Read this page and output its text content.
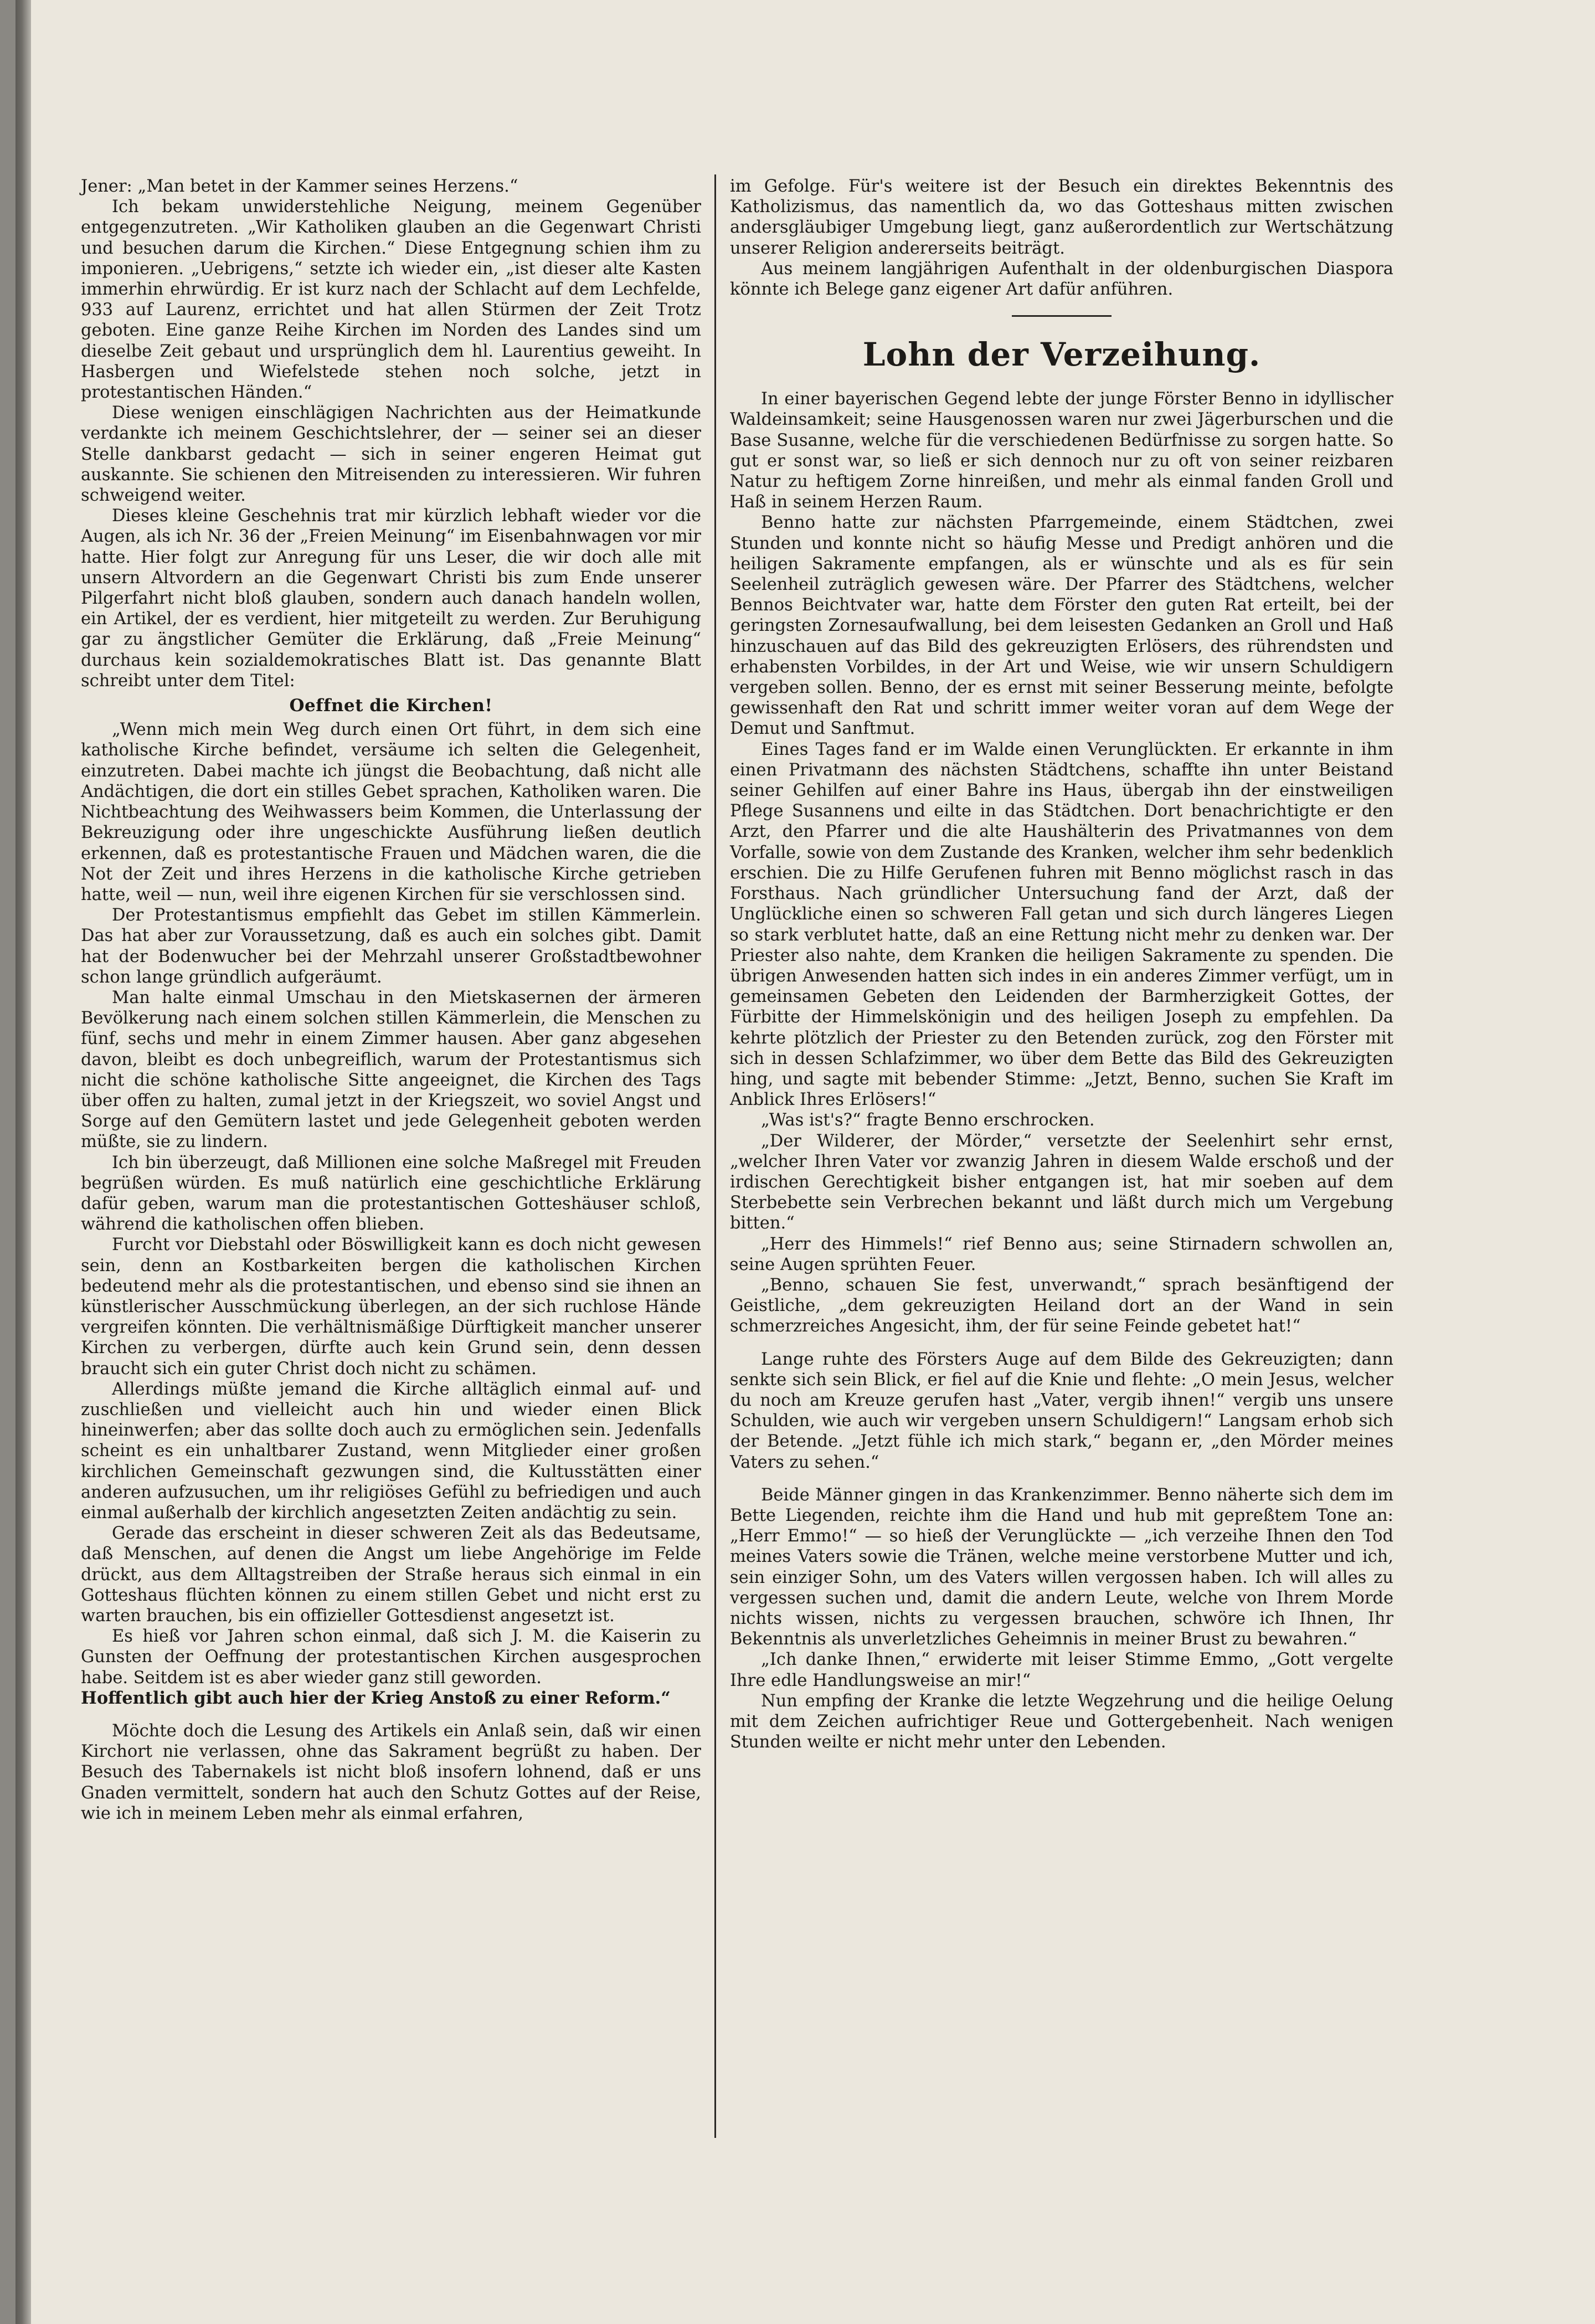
Jener: „Man betet in der Kammer seines Herzens.“

Ich bekam unwiderstehliche Neigung, meinem Gegenüber entgegenzutreten. „Wir Katholiken glauben an die Gegenwart Christi und besuchen darum die Kirchen.“ Diese Entgegnung schien ihm zu imponieren. „Uebrigens,“ setzte ich wieder ein, „ist dieser alte Kasten immerhin ehrwürdig. Er ist kurz nach der Schlacht auf dem Lechfelde, 933 auf Laurenz, errichtet und hat allen Stürmen der Zeit Trotz geboten. Eine ganze Reihe Kirchen im Norden des Landes sind um dieselbe Zeit gebaut und ursprünglich dem hl. Laurentius geweiht. In Hasbergen und Wiefelstede stehen noch solche, jetzt in protestantischen Händen.“

Diese wenigen einschlägigen Nachrichten aus der Heimatkunde verdankte ich meinem Geschichtslehrer, der — seiner sei an dieser Stelle dankbarst gedacht — sich in seiner engeren Heimat gut auskannte. Sie schienen den Mitreisenden zu interessieren. Wir fuhren schweigend weiter.

Dieses kleine Geschehnis trat mir kürzlich lebhaft wieder vor die Augen, als ich Nr. 36 der „Freien Meinung“ im Eisenbahnwagen vor mir hatte. Hier folgt zur Anregung für uns Leser, die wir doch alle mit unsern Altvordern an die Gegenwart Christi bis zum Ende unserer Pilgerfahrt nicht bloß glauben, sondern auch danach handeln wollen, ein Artikel, der es verdient, hier mitgeteilt zu werden. Zur Beruhigung gar zu ängstlicher Gemüter die Erklärung, daß „Freie Meinung“ durchaus kein sozialdemokratisches Blatt ist. Das genannte Blatt schreibt unter dem Titel:

Oeffnet die Kirchen!

„Wenn mich mein Weg durch einen Ort führt, in dem sich eine katholische Kirche befindet, versäume ich selten die Gelegenheit, einzutreten. Dabei machte ich jüngst die Beobachtung, daß nicht alle Andächtigen, die dort ein stilles Gebet sprachen, Katholiken waren. Die Nichtbeachtung des Weihwassers beim Kommen, die Unterlassung der Bekreuzigung oder ihre ungeschickte Ausführung ließen deutlich erkennen, daß es protestantische Frauen und Mädchen waren, die die Not der Zeit und ihres Herzens in die katholische Kirche getrieben hatte, weil — nun, weil ihre eigenen Kirchen für sie verschlossen sind.

Der Protestantismus empfiehlt das Gebet im stillen Kämmerlein. Das hat aber zur Voraussetzung, daß es auch ein solches gibt. Damit hat der Bodenwucher bei der Mehrzahl unserer Großstadtbewohner schon lange gründlich aufgeräumt.

Man halte einmal Umschau in den Mietskasernen der ärmeren Bevölkerung nach einem solchen stillen Kämmerlein, die Menschen zu fünf, sechs und mehr in einem Zimmer hausen. Aber ganz abgesehen davon, bleibt es doch unbegreiflich, warum der Protestantismus sich nicht die schöne katholische Sitte angeeignet, die Kirchen des Tags über offen zu halten, zumal jetzt in der Kriegszeit, wo soviel Angst und Sorge auf den Gemütern lastet und jede Gelegenheit geboten werden müßte, sie zu lindern.

Ich bin überzeugt, daß Millionen eine solche Maßregel mit Freuden begrüßen würden. Es muß natürlich eine geschichtliche Erklärung dafür geben, warum man die protestantischen Gotteshäuser schloß, während die katholischen offen blieben.

Furcht vor Diebstahl oder Böswilligkeit kann es doch nicht gewesen sein, denn an Kostbarkeiten bergen die katholischen Kirchen bedeutend mehr als die protestantischen, und ebenso sind sie ihnen an künstlerischer Ausschmückung überlegen, an der sich ruchlose Hände vergreifen könnten. Die verhältnismäßige Dürftigkeit mancher unserer Kirchen zu verbergen, dürfte auch kein Grund sein, denn dessen braucht sich ein guter Christ doch nicht zu schämen.

Allerdings müßte jemand die Kirche alltäglich einmal auf- und zuschließen und vielleicht auch hin und wieder einen Blick hineinwerfen; aber das sollte doch auch zu ermöglichen sein. Jedenfalls scheint es ein unhaltbarer Zustand, wenn Mitglieder einer großen kirchlichen Gemeinschaft gezwungen sind, die Kultusstätten einer anderen aufzusuchen, um ihr religiöses Gefühl zu befriedigen und auch einmal außerhalb der kirchlich angesetzten Zeiten andächtig zu sein.

Gerade das erscheint in dieser schweren Zeit als das Bedeutsame, daß Menschen, auf denen die Angst um liebe Angehörige im Felde drückt, aus dem Alltagstreiben der Straße heraus sich einmal in ein Gotteshaus flüchten können zu einem stillen Gebet und nicht erst zu warten brauchen, bis ein offizieller Gottesdienst angesetzt ist.

Es hieß vor Jahren schon einmal, daß sich J. M. die Kaiserin zu Gunsten der Oeffnung der protestantischen Kirchen ausgesprochen habe. Seitdem ist es aber wieder ganz still geworden.

Hoffentlich gibt auch hier der Krieg Anstoß zu einer Reform.“

Möchte doch die Lesung des Artikels ein Anlaß sein, daß wir einen Kirchort nie verlassen, ohne das Sakrament begrüßt zu haben. Der Besuch des Tabernakels ist nicht bloß insofern lohnend, daß er uns Gnaden vermittelt, sondern hat auch den Schutz Gottes auf der Reise, wie ich in meinem Leben mehr als einmal erfahren,

im Gefolge. Für's weitere ist der Besuch ein direktes Bekenntnis des Katholizismus, das namentlich da, wo das Gotteshaus mitten zwischen andersgläubiger Umgebung liegt, ganz außerordentlich zur Wertschätzung unserer Religion andererseits beiträgt.

Aus meinem langjährigen Aufenthalt in der oldenburgischen Diaspora könnte ich Belege ganz eigener Art dafür anführen.

Lohn der Verzeihung.

In einer bayerischen Gegend lebte der junge Förster Benno in idyllischer Waldeinsamkeit; seine Hausgenossen waren nur zwei Jägerburschen und die Base Susanne, welche für die verschiedenen Bedürfnisse zu sorgen hatte. So gut er sonst war, so ließ er sich dennoch nur zu oft von seiner reizbaren Natur zu heftigem Zorne hinreißen, und mehr als einmal fanden Groll und Haß in seinem Herzen Raum.

Benno hatte zur nächsten Pfarrgemeinde, einem Städtchen, zwei Stunden und konnte nicht so häufig Messe und Predigt anhören und die heiligen Sakramente empfangen, als er wünschte und als es für sein Seelenheil zuträglich gewesen wäre. Der Pfarrer des Städtchens, welcher Bennos Beichtvater war, hatte dem Förster den guten Rat erteilt, bei der geringsten Zornesaufwallung, bei dem leisesten Gedanken an Groll und Haß hinzuschauen auf das Bild des gekreuzigten Erlösers, des rührendsten und erhabensten Vorbildes, in der Art und Weise, wie wir unsern Schuldigern vergeben sollen. Benno, der es ernst mit seiner Besserung meinte, befolgte gewissenhaft den Rat und schritt immer weiter voran auf dem Wege der Demut und Sanftmut.

Eines Tages fand er im Walde einen Verunglückten. Er erkannte in ihm einen Privatmann des nächsten Städtchens, schaffte ihn unter Beistand seiner Gehilfen auf einer Bahre ins Haus, übergab ihn der einstweiligen Pflege Susannens und eilte in das Städtchen. Dort benachrichtigte er den Arzt, den Pfarrer und die alte Haushälterin des Privatmannes von dem Vorfalle, sowie von dem Zustande des Kranken, welcher ihm sehr bedenklich erschien. Die zu Hilfe Gerufenen fuhren mit Benno möglichst rasch in das Forsthaus. Nach gründlicher Untersuchung fand der Arzt, daß der Unglückliche einen so schweren Fall getan und sich durch längeres Liegen so stark verblutet hatte, daß an eine Rettung nicht mehr zu denken war. Der Priester also nahte, dem Kranken die heiligen Sakramente zu spenden. Die übrigen Anwesenden hatten sich indes in ein anderes Zimmer verfügt, um in gemeinsamen Gebeten den Leidenden der Barmherzigkeit Gottes, der Fürbitte der Himmelskönigin und des heiligen Joseph zu empfehlen. Da kehrte plötzlich der Priester zu den Betenden zurück, zog den Förster mit sich in dessen Schlafzimmer, wo über dem Bette das Bild des Gekreuzigten hing, und sagte mit bebender Stimme: „Jetzt, Benno, suchen Sie Kraft im Anblick Ihres Erlösers!“

„Was ist's?“ fragte Benno erschrocken.

„Der Wilderer, der Mörder,“ versetzte der Seelenhirt sehr ernst, „welcher Ihren Vater vor zwanzig Jahren in diesem Walde erschoß und der irdischen Gerechtigkeit bisher entgangen ist, hat mir soeben auf dem Sterbebette sein Verbrechen bekannt und läßt durch mich um Vergebung bitten.“

„Herr des Himmels!“ rief Benno aus; seine Stirnadern schwollen an, seine Augen sprühten Feuer.

„Benno, schauen Sie fest, unverwandt,“ sprach besänftigend der Geistliche, „dem gekreuzigten Heiland dort an der Wand in sein schmerzreiches Angesicht, ihm, der für seine Feinde gebetet hat!“

Lange ruhte des Försters Auge auf dem Bilde des Gekreuzigten; dann senkte sich sein Blick, er fiel auf die Knie und flehte: „O mein Jesus, welcher du noch am Kreuze gerufen hast „Vater, vergib ihnen!“ vergib uns unsere Schulden, wie auch wir vergeben unsern Schuldigern!“ Langsam erhob sich der Betende. „Jetzt fühle ich mich stark,“ begann er, „den Mörder meines Vaters zu sehen.“

Beide Männer gingen in das Krankenzimmer. Benno näherte sich dem im Bette Liegenden, reichte ihm die Hand und hub mit gepreßtem Tone an: „Herr Emmo!“ — so hieß der Verunglückte — „ich verzeihe Ihnen den Tod meines Vaters sowie die Tränen, welche meine verstorbene Mutter und ich, sein einziger Sohn, um des Vaters willen vergossen haben. Ich will alles zu vergessen suchen und, damit die andern Leute, welche von Ihrem Morde nichts wissen, nichts zu vergessen brauchen, schwöre ich Ihnen, Ihr Bekenntnis als unverletzliches Geheimnis in meiner Brust zu bewahren.“

„Ich danke Ihnen,“ erwiderte mit leiser Stimme Emmo, „Gott vergelte Ihre edle Handlungsweise an mir!“

Nun empfing der Kranke die letzte Wegzehrung und die heilige Oelung mit dem Zeichen aufrichtiger Reue und Gottergebenheit. Nach wenigen Stunden weilte er nicht mehr unter den Lebenden.
